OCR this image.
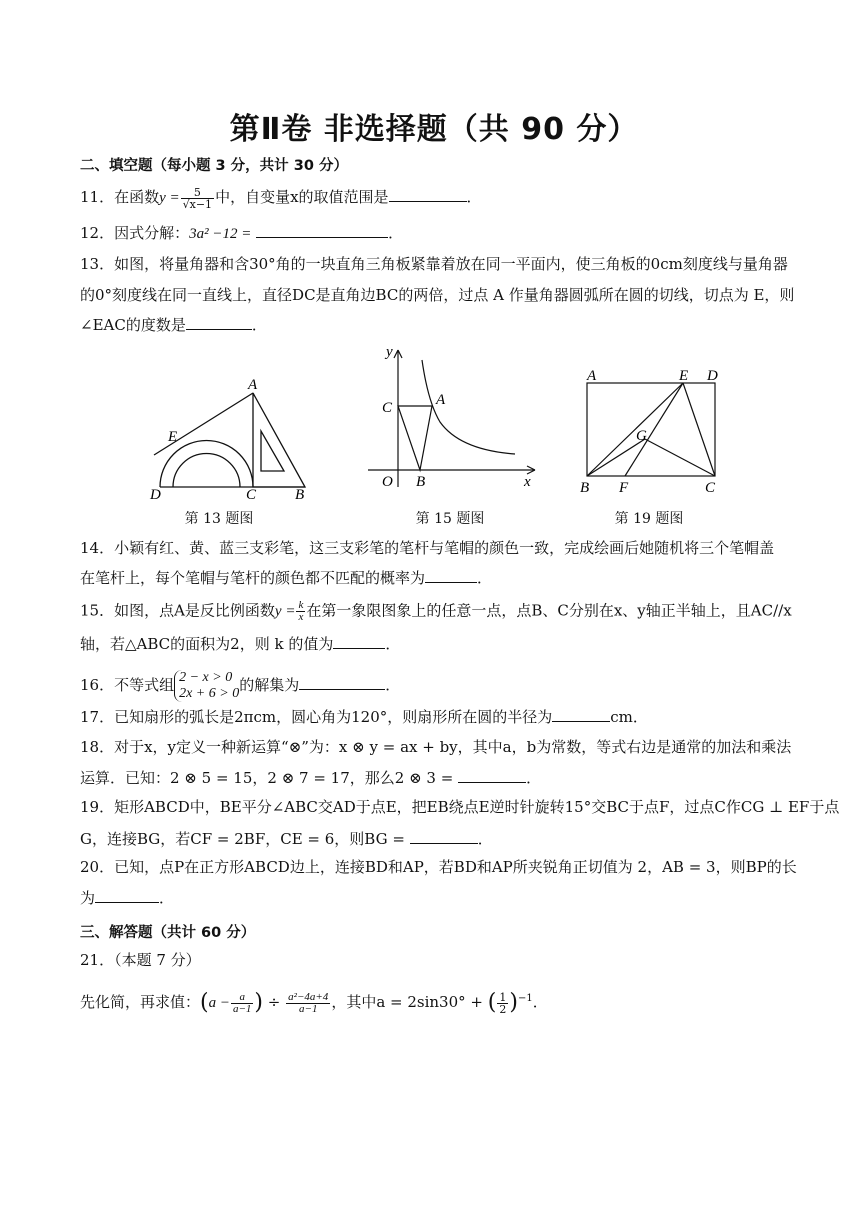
第Ⅱ卷 非选择题（共 90 分）
二、填空题（每小题 3 分，共计 30 分）
11．在函数$y = \frac{5}{√x-1}$ 中，自变量x的取值范围是	．
12．因式分解：3a² −12 =	．
13．如图，将量角器和含30°角的一块直角三角板紧靠着放在同一平面内，使三角板的0cm刻度线与量角器
的0°刻度线在同一直线上，直径DC是直角边BC的两倍，过点 A 作量角器圆弧所在圆的切线，切点为 E，则
∠EAC的度数是	．
A
E
D	C	B
第 13 题图
y
C	A
O B	x
第 15 题图
A	E D
G
B F	C
第 19 题图
14．小颖有红、黄、蓝三支彩笔，这三支彩笔的笔杆与笔帽的颜色一致，完成绘画后她随机将三个笔帽盖
在笔杆上，每个笔帽与笔杆的颜色都不匹配的概率为	．
15．如图，点A是反比例函数$y = \frac{k}{x}$ 在第一象限图象上的任意一点，点B、C分别在x、y轴正半轴上，且AC//x
轴，若△ABC的面积为2，则 k 的值为	．
16．不等式组 2 − x > 0
2x + 6 > 0 的解集为	．
17．已知扇形的弧长是2πcm，圆心角为120°，则扇形所在圆的半径为	cm．
18．对于x，y定义一种新运算“⊗”为：x ⊗ y = ax + by，其中a，b为常数，等式右边是通常的加法和乘法
运算．已知：2 ⊗ 5 = 15，2 ⊗ 7 = 17，那么2 ⊗ 3 =	．
19．矩形ABCD中，BE平分∠ABC交AD于点E，把EB绕点E逆时针旋转15°交BC于点F，过点C作CG ⊥ EF于点
G，连接BG，若CF = 2BF，CE = 6，则BG =	．
20．已知，点P在正方形ABCD边上，连接BD和AP，若BD和AP所夹锐角正切值为 2，AB = 3，则BP的长
为	．
三、解答题（共计 60 分）
21．（本题 7 分）
先化简，再求值：($a - \frac{a}{a-1}$ ) ÷ $\frac{\text{a²−4a+4}}{a-1}$ ，其中a = 2sin30° + ( $\frac{1}{2} )^{-1}$．
